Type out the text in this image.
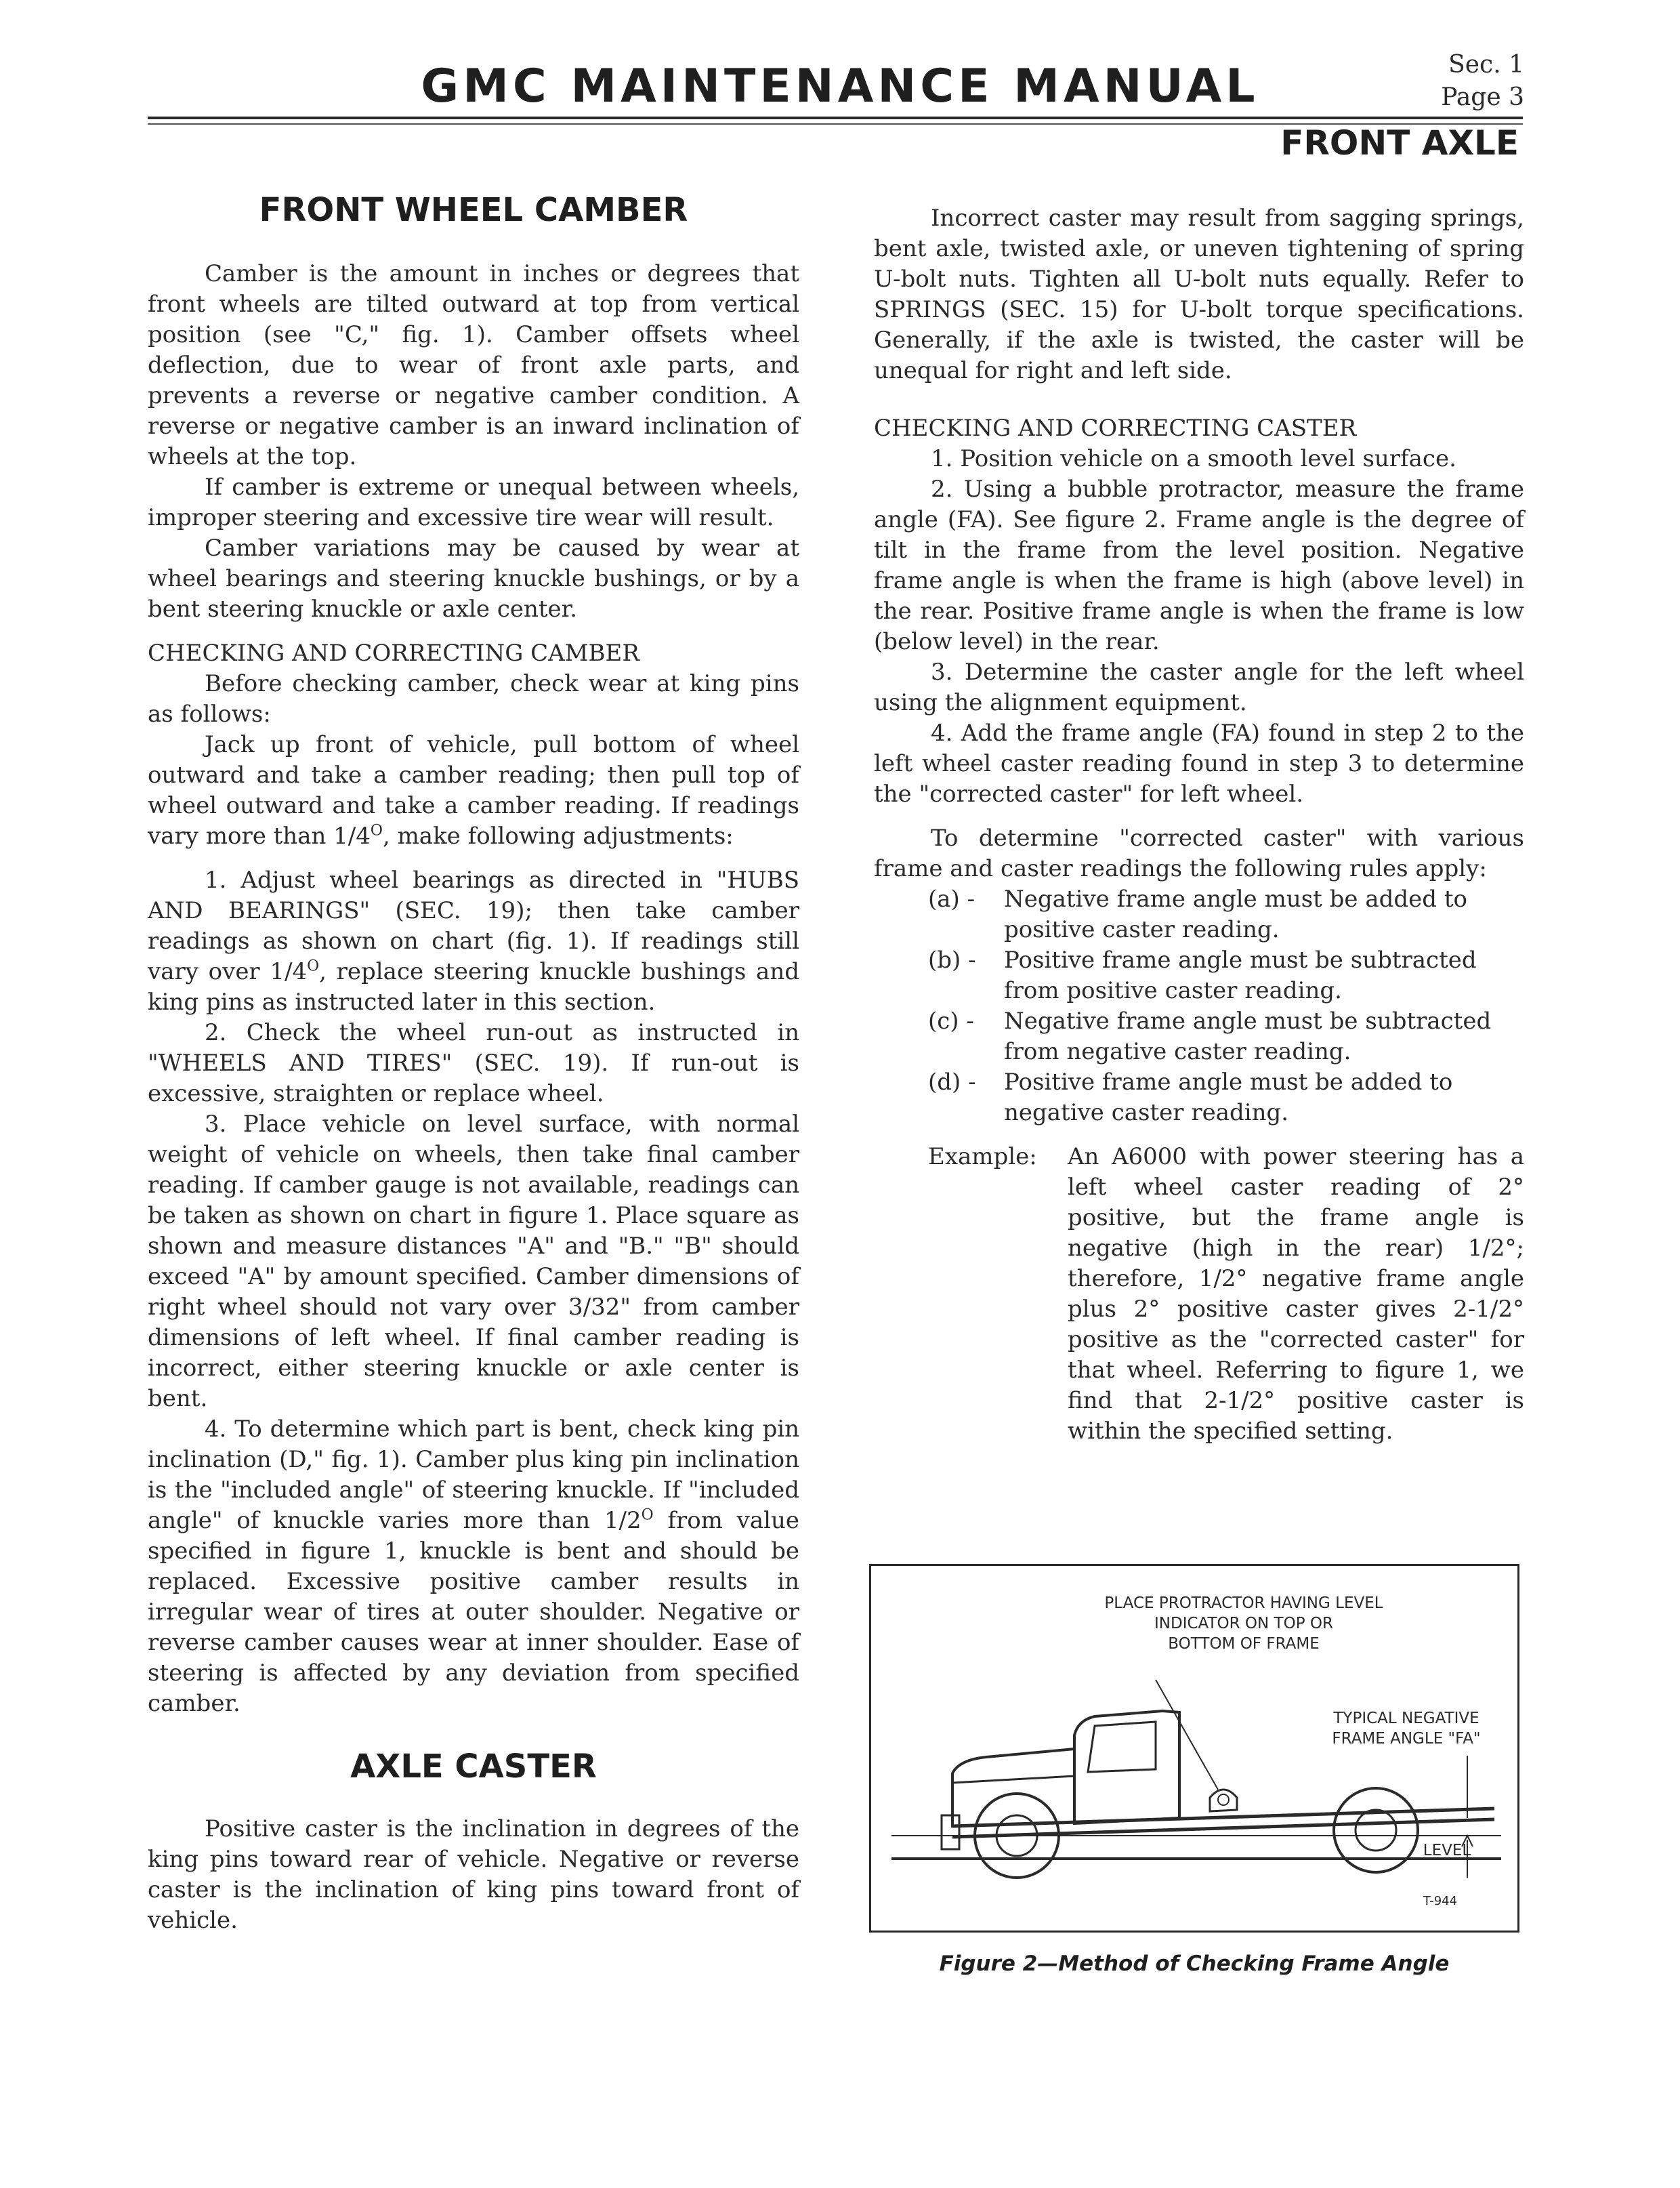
GMC MAINTENANCE MANUAL	Sec. 1
Page 3
FRONT AXLE
FRONT WHEEL CAMBER

Camber is the amount in inches or degrees that front wheels are tilted outward at top from vertical position (see "C," fig. 1). Camber offsets wheel deflection, due to wear of front axle parts, and prevents a reverse or negative camber condition. A reverse or negative camber is an inward inclination of wheels at the top.

If camber is extreme or unequal between wheels, improper steering and excessive tire wear will result.

Camber variations may be caused by wear at wheel bearings and steering knuckle bushings, or by a bent steering knuckle or axle center.

CHECKING AND CORRECTING CAMBER

Before checking camber, check wear at king pins as follows:

Jack up front of vehicle, pull bottom of wheel outward and take a camber reading; then pull top of wheel outward and take a camber reading. If readings vary more than $1/4^O$, make following adjustments:

1. Adjust wheel bearings as directed in "HUBS AND BEARINGS" (SEC. 19); then take camber readings as shown on chart (fig. 1). If readings still vary over $1/4^O$, replace steering knuckle bushings and king pins as instructed later in this section.

2. Check the wheel run-out as instructed in "WHEELS AND TIRES" (SEC. 19). If run-out is excessive, straighten or replace wheel.

3. Place vehicle on level surface, with normal weight of vehicle on wheels, then take final camber reading. If camber gauge is not available, readings can be taken as shown on chart in figure 1. Place square as shown and measure distances "A" and "B." "B" should exceed "A" by amount specified. Camber dimensions of right wheel should not vary over 3/32" from camber dimensions of left wheel. If final camber reading is incorrect, either steering knuckle or axle center is bent.

4. To determine which part is bent, check king pin inclination (D," fig. 1). Camber plus king pin inclination is the "included angle" of steering knuckle. If "included angle" of knuckle varies more than $1/2^O$ from value specified in figure 1, knuckle is bent and should be replaced. Excessive positive camber results in irregular wear of tires at outer shoulder. Negative or reverse camber causes wear at inner shoulder. Ease of steering is affected by any deviation from specified camber.

AXLE CASTER

Positive caster is the inclination in degrees of the king pins toward rear of vehicle. Negative or reverse caster is the inclination of king pins toward front of vehicle.

Incorrect caster may result from sagging springs, bent axle, twisted axle, or uneven tightening of spring U-bolt nuts. Tighten all U-bolt nuts equally. Refer to SPRINGS (SEC. 15) for U-bolt torque specifications. Generally, if the axle is twisted, the caster will be unequal for right and left side.

CHECKING AND CORRECTING CASTER

1. Position vehicle on a smooth level surface.

2. Using a bubble protractor, measure the frame angle (FA). See figure 2. Frame angle is the degree of tilt in the frame from the level position. Negative frame angle is when the frame is high (above level) in the rear. Positive frame angle is when the frame is low (below level) in the rear.

3. Determine the caster angle for the left wheel using the alignment equipment.

4. Add the frame angle (FA) found in step 2 to the left wheel caster reading found in step 3 to determine the "corrected caster" for left wheel.

To determine "corrected caster" with various frame and caster readings the following rules apply:

(a) - Negative frame angle must be added to positive caster reading.
(b) - Positive frame angle must be subtracted from positive caster reading.
(c) - Negative frame angle must be subtracted from negative caster reading.
(d) - Positive frame angle must be added to negative caster reading.
Example:	An A6000 with power steering has a left wheel caster reading of 2° positive, but the frame angle is negative (high in the rear) 1/2°; therefore, 1/2° negative frame angle plus 2° positive caster gives 2-1/2° positive as the "corrected caster" for that wheel. Referring to figure 1, we find that 2-1/2° positive caster is within the specified setting.
PLACE PROTRACTOR HAVING LEVEL
INDICATOR ON TOP OR
BOTTOM OF FRAME
TYPICAL NEGATIVE
FRAME ANGLE "FA"
LEVEL
T-944
Figure 2—Method of Checking Frame Angle
